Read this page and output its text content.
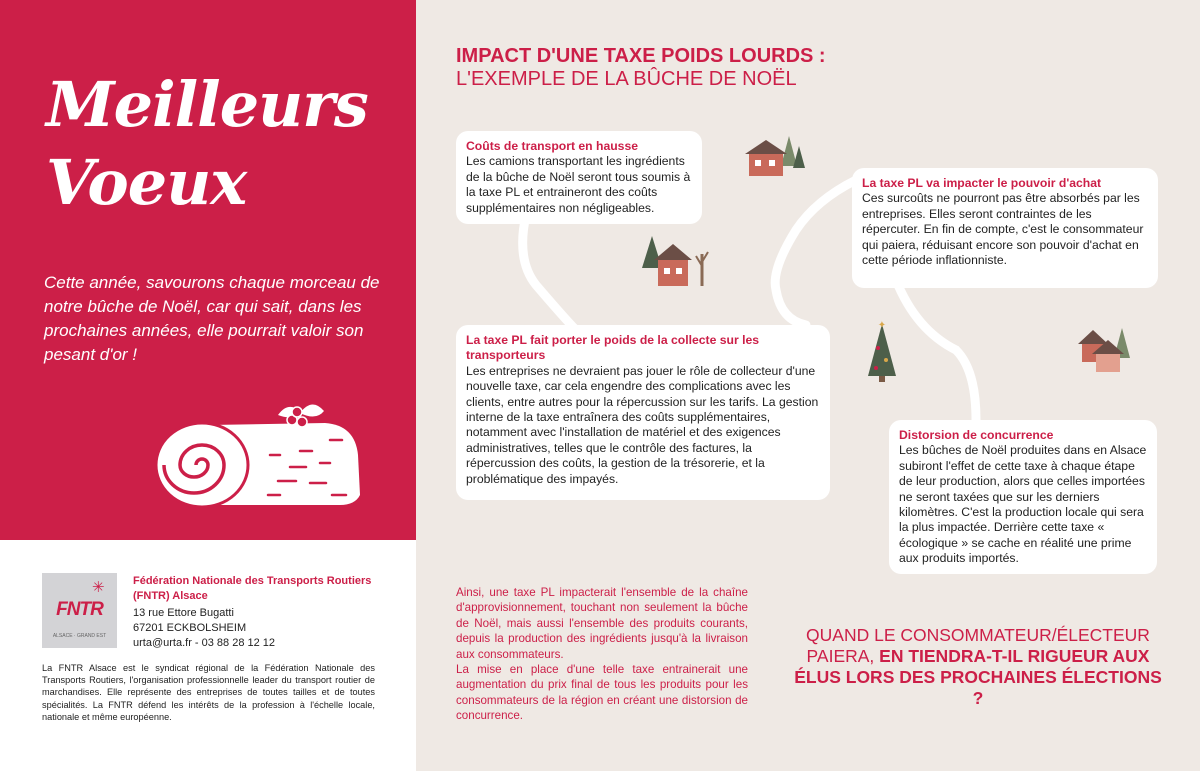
Meilleurs
Voeux
Cette année, savourons chaque morceau de notre bûche de Noël, car qui sait, dans les prochaines années, elle pourrait valoir son pesant d'or !
✳
FNTR
ALSACE · GRAND EST
Fédération Nationale des Transports Routiers (FNTR) Alsace
13 rue Ettore Bugatti
67201 ECKBOLSHEIM
urta@urta.fr - 03 88 28 12 12
La FNTR Alsace est le syndicat régional de la Fédération Nationale des Transports Routiers, l'organisation professionnelle leader du transport routier de marchandises. Elle représente des entreprises de toutes tailles et de toutes spécialités. La FNTR défend les intérêts de la profession à l'échelle locale, nationale et même européenne.
✦
IMPACT D'UNE TAXE POIDS LOURDS :
L'EXEMPLE DE LA BÛCHE DE NOËL
Coûts de transport en hausse
Les camions transportant les ingrédients de la bûche de Noël seront tous soumis à la taxe PL et entraineront des coûts supplémentaires non négligeables.
La taxe PL va impacter le pouvoir d'achat
Ces surcoûts ne pourront pas être absorbés par les entreprises. Elles seront contraintes de les répercuter. En fin de compte, c'est le consommateur qui paiera, réduisant encore son pouvoir d'achat en cette période inflationniste.
La taxe PL fait porter le poids de la collecte sur les transporteurs
Les entreprises ne devraient pas jouer le rôle de collecteur d'une nouvelle taxe, car cela engendre des complications avec les clients, entre autres pour la répercussion sur les tarifs. La gestion interne de la taxe entraînera des coûts supplémentaires, notamment avec l'installation de matériel et des exigences administratives, telles que le contrôle des factures, la répercussion des coûts, la gestion de la trésorerie, et la problématique des impayés.
Distorsion de concurrence
Les bûches de Noël produites dans en Alsace subiront l'effet de cette taxe à chaque étape de leur production, alors que celles importées ne seront taxées que sur les derniers kilomètres. C'est la production locale qui sera la plus impactée. Derrière cette taxe « écologique » se cache en réalité une prime aux produits importés.

Ainsi, une taxe PL impacterait l'ensemble de la chaîne d'approvisionnement, touchant non seulement la bûche de Noël, mais aussi l'ensemble des produits courants, depuis la production des ingrédients jusqu'à la livraison aux consommateurs.

La mise en place d'une telle taxe entrainerait une augmentation du prix final de tous les produits pour les consommateurs de la région en créant une distorsion de concurrence.

QUAND LE CONSOMMATEUR/ÉLECTEUR PAIERA, EN TIENDRA-T-IL RIGUEUR AUX ÉLUS LORS DES PROCHAINES ÉLECTIONS ?
